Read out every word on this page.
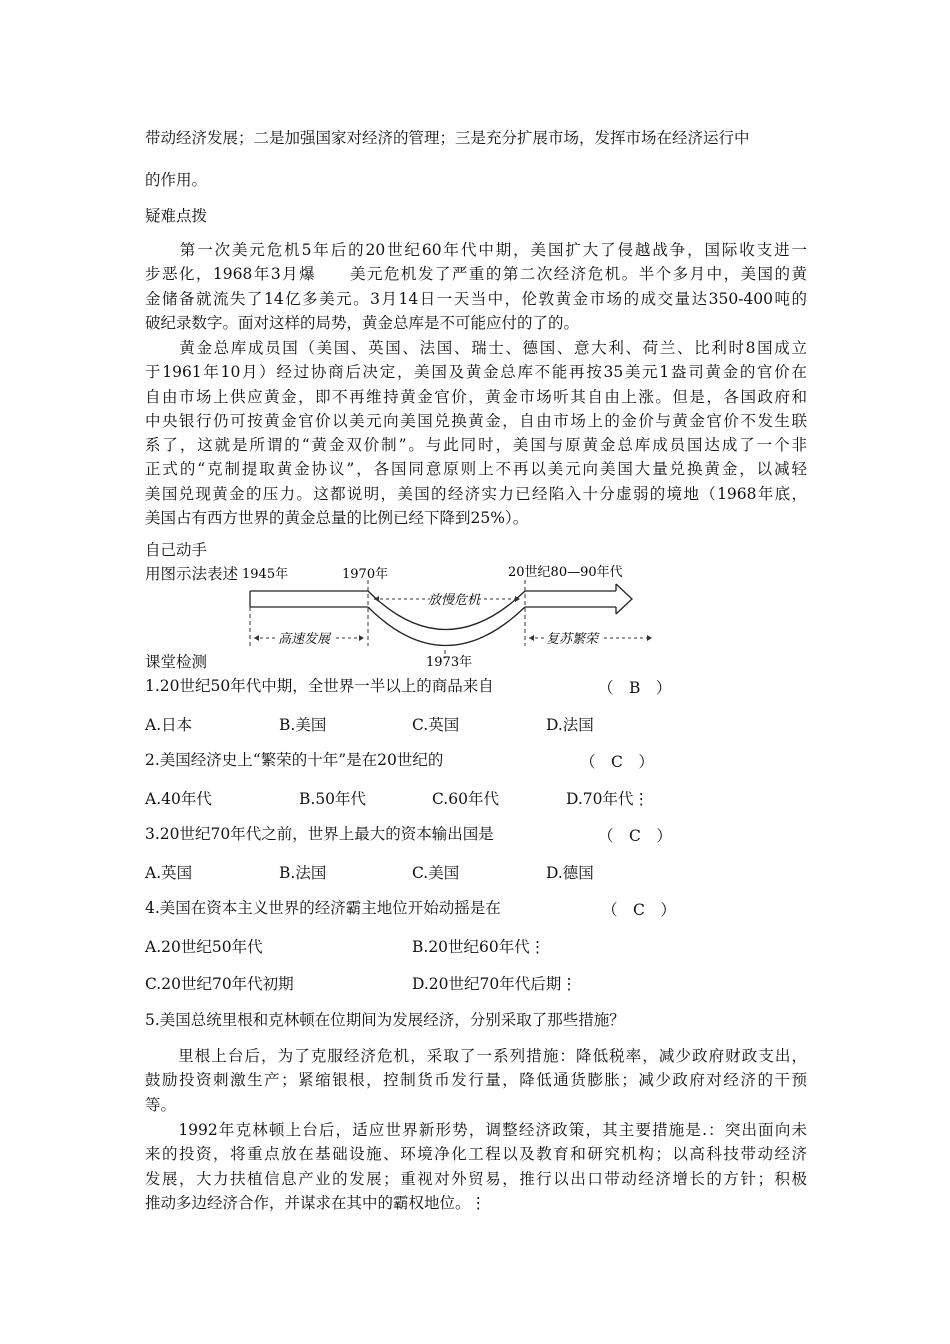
带动经济发展；二是加强国家对经济的管理；三是充分扩展市场，发挥市场在经济运行中
的作用。
疑难点拨
　　第一次美元危机5年后的20世纪60年代中期，美国扩大了侵越战争，国际收支进一
步恶化，1968年3月爆　　美元危机发了严重的第二次经济危机。半个多月中，美国的黄
金储备就流失了14亿多美元。3月14日一天当中，伦敦黄金市场的成交量达350-400吨的
破纪录数字。面对这样的局势，黄金总库是不可能应付的了的。
　　黄金总库成员国（美国、英国、法国、瑞士、德国、意大利、荷兰、比利时8国成立
于1961年10月）经过协商后决定，美国及黄金总库不能再按35美元1盎司黄金的官价在
自由市场上供应黄金，即不再维持黄金官价，黄金市场听其自由上涨。但是，各国政府和
中央银行仍可按黄金官价以美元向美国兑换黄金，自由市场上的金价与黄金官价不发生联
系了，这就是所谓的“黄金双价制”。与此同时，美国与原黄金总库成员国达成了一个非
正式的“克制提取黄金协议”，各国同意原则上不再以美元向美国大量兑换黄金，以减轻
美国兑现黄金的压力。这都说明，美国的经济实力已经陷入十分虚弱的境地（1968年底，
美国占有西方世界的黄金总量的比例已经下降到25%）。
自己动手
用图示法表述 1945年	1970年	20世纪80—90年代
放慢危机
高速发展	复苏繁荣
1973年
课堂检测
1.20世纪50年代中期，全世界一半以上的商品来自	（　B　）
A.日本	B.美国	C.英国	D.法国
2.美国经济史上“繁荣的十年”是在20世纪的	（　C　）
A.40年代	B.50年代	C.60年代	D.70年代⋮
3.20世纪70年代之前，世界上最大的资本输出国是	（　C　）
A.英国	B.法国	C.美国	D.德国
4.美国在资本主义世界的经济霸主地位开始动摇是在	（　C　）
A.20世纪50年代	B.20世纪60年代⋮
C.20世纪70年代初期	D.20世纪70年代后期⋮
5.美国总统里根和克林顿在位期间为发展经济，分别采取了那些措施？
　　里根上台后，为了克服经济危机，采取了一系列措施：降低税率，减少政府财政支出，
鼓励投资刺激生产；紧缩银根，控制货币发行量，降低通货膨胀；减少政府对经济的干预
等。
　　1992年克林顿上台后，适应世界新形势，调整经济政策，其主要措施是.：突出面向未
来的投资，将重点放在基础设施、环境净化工程以及教育和研究机构；以高科技带动经济
发展，大力扶植信息产业的发展；重视对外贸易，推行以出口带动经济增长的方针；积极
推动多边经济合作，并谋求在其中的霸权地位。⋮
